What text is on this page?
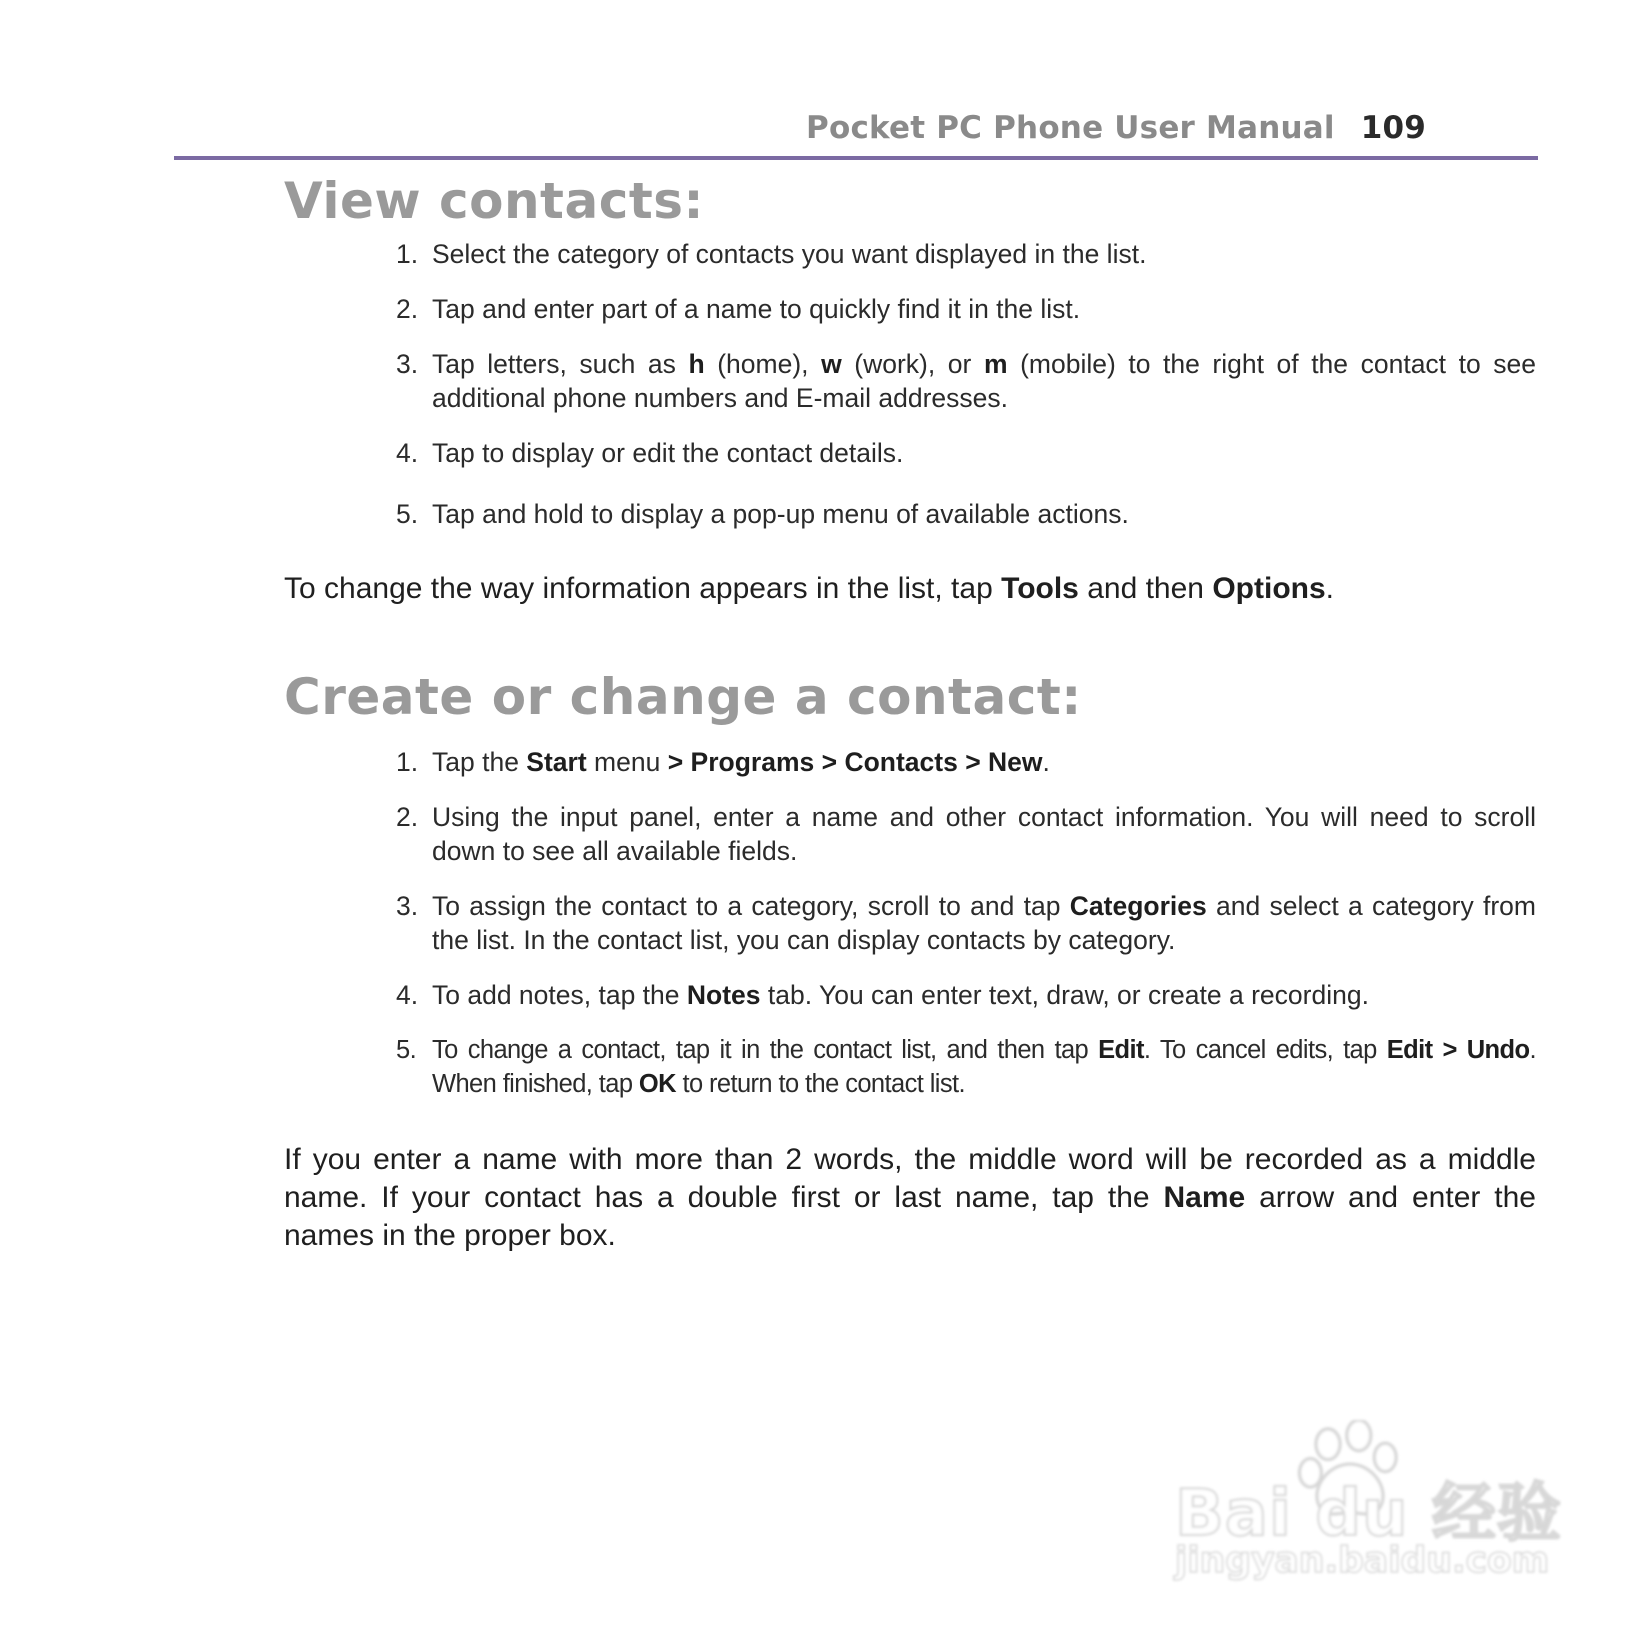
Pocket PC Phone User Manual 109
View contacts:
1. Select the category of contacts you want displayed in the list.
2. Tap and enter part of a name to quickly find it in the list.
3. Tap letters, such as h (home), w (work), or m (mobile) to the right of the contact to see additional phone numbers and E-mail addresses.
4. Tap to display or edit the contact details.
5. Tap and hold to display a pop-up menu of available actions.

To change the way information appears in the list, tap Tools and then Options.

Create or change a contact:
1. Tap the Start menu > Programs > Contacts > New.
2. Using the input panel, enter a name and other contact information. You will need to scroll down to see all available fields.
3. To assign the contact to a category, scroll to and tap Categories and select a category from the list. In the contact list, you can display contacts by category.
4. To add notes, tap the Notes tab. You can enter text, draw, or create a recording.
5. To change a contact, tap it in the contact list, and then tap Edit. To cancel edits, tap Edit > Undo. When finished, tap OK to return to the contact list.

If you enter a name with more than 2 words, the middle word will be recorded as a middle name. If your contact has a double first or last name, tap the Name arrow and enter the names in the proper box.

Bai du 经验
jingyan.baidu.com
